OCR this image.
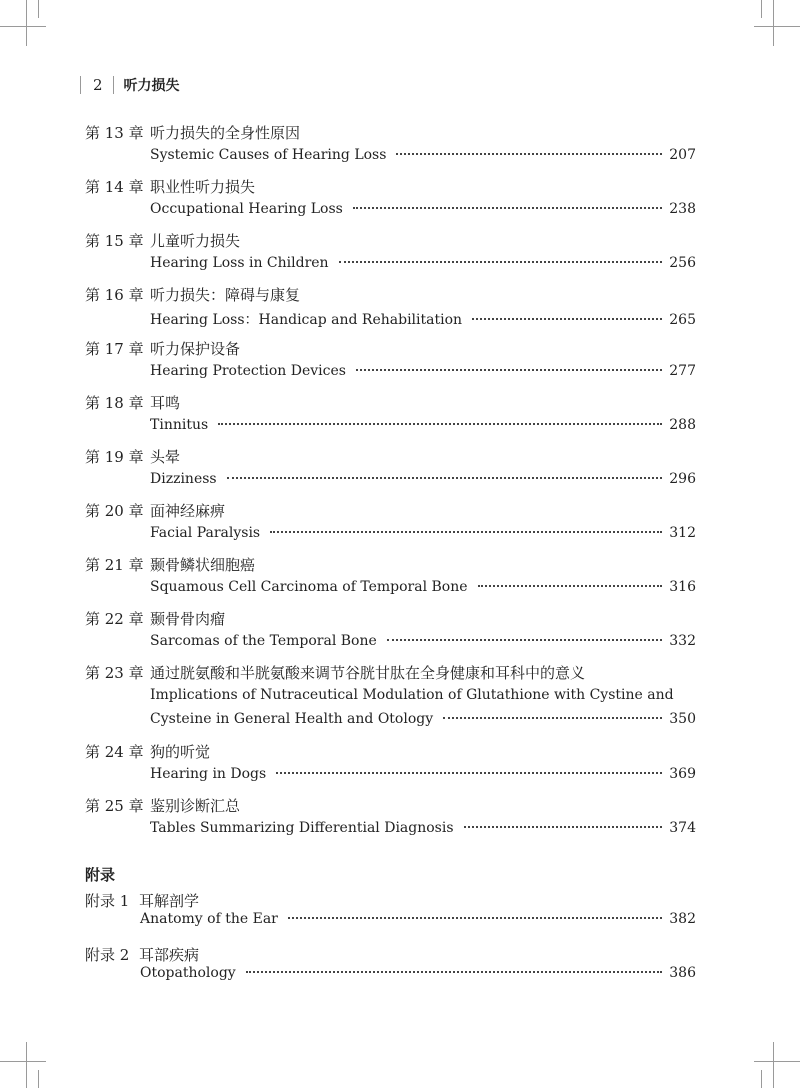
2 听力损失
第 13 章 听力损失的全身性原因
Systemic Causes of Hearing Loss	207
第 14 章 职业性听力损失
Occupational Hearing Loss	238
第 15 章 儿童听力损失
Hearing Loss in Children	256
第 16 章 听力损失：障碍与康复
Hearing Loss：Handicap and Rehabilitation	265
第 17 章 听力保护设备
Hearing Protection Devices	277
第 18 章 耳鸣
Tinnitus	288
第 19 章 头晕
Dizziness	296
第 20 章 面神经麻痹
Facial Paralysis	312
第 21 章 颞骨鳞状细胞癌
Squamous Cell Carcinoma of Temporal Bone	316
第 22 章 颞骨骨肉瘤
Sarcomas of the Temporal Bone	332
第 23 章 通过胱氨酸和半胱氨酸来调节谷胱甘肽在全身健康和耳科中的意义
Implications of Nutraceutical Modulation of Glutathione with Cystine and
Cysteine in General Health and Otology	350
第 24 章 狗的听觉
Hearing in Dogs	369
第 25 章 鉴别诊断汇总
Tables Summarizing Differential Diagnosis	374
附录
附录 1 耳解剖学
Anatomy of the Ear	382
附录 2 耳部疾病
Otopathology	386
